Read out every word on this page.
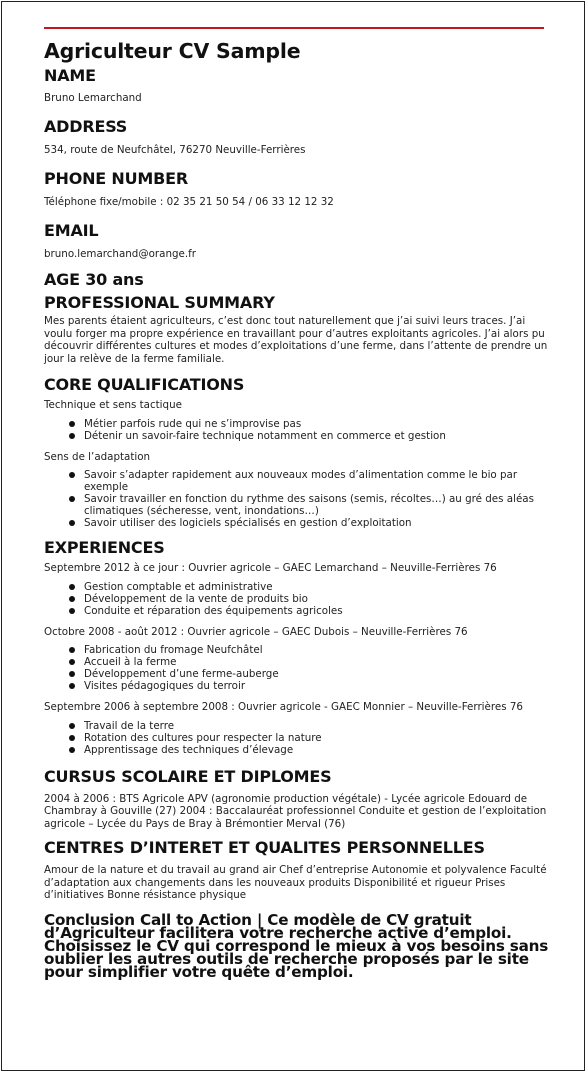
Agriculteur CV Sample
NAME

Bruno Lemarchand

ADDRESS

534, route de Neufchâtel, 76270 Neuville-Ferrières

PHONE NUMBER

Téléphone fixe/mobile : 02 35 21 50 54 / 06 33 12 12 32

EMAIL

bruno.lemarchand@orange.fr

AGE 30 ans
PROFESSIONAL SUMMARY

Mes parents étaient agriculteurs, c’est donc tout naturellement que j’ai suivi leurs traces. J’ai voulu forger ma propre expérience en travaillant pour d’autres exploitants agricoles. J’ai alors pu découvrir différentes cultures et modes d’exploitations d’une ferme, dans l’attente de prendre un jour la relève de la ferme familiale.

CORE QUALIFICATIONS

Technique et sens tactique

Métier parfois rude qui ne s’improvise pas
Détenir un savoir-faire technique notamment en commerce et gestion

Sens de l’adaptation

Savoir s’adapter rapidement aux nouveaux modes d’alimentation comme le bio par exemple
Savoir travailler en fonction du rythme des saisons (semis, récoltes…) au gré des aléas climatiques (sécheresse, vent, inondations…)
Savoir utiliser des logiciels spécialisés en gestion d’exploitation
EXPERIENCES

Septembre 2012 à ce jour : Ouvrier agricole – GAEC Lemarchand – Neuville-Ferrières 76

Gestion comptable et administrative
Développement de la vente de produits bio
Conduite et réparation des équipements agricoles

Octobre 2008 - août 2012 : Ouvrier agricole – GAEC Dubois – Neuville-Ferrières 76

Fabrication du fromage Neufchâtel
Accueil à la ferme
Développement d’une ferme-auberge
Visites pédagogiques du terroir

Septembre 2006 à septembre 2008 : Ouvrier agricole - GAEC Monnier – Neuville-Ferrières 76

Travail de la terre
Rotation des cultures pour respecter la nature
Apprentissage des techniques d’élevage
CURSUS SCOLAIRE ET DIPLOMES

2004 à 2006 : BTS Agricole APV (agronomie production végétale) - Lycée agricole Edouard de Chambray à Gouville (27) 2004 : Baccalauréat professionnel Conduite et gestion de l’exploitation agricole – Lycée du Pays de Bray à Brémontier Merval (76)

CENTRES D’INTERET ET QUALITES PERSONNELLES

Amour de la nature et du travail au grand air Chef d’entreprise Autonomie et polyvalence Faculté d’adaptation aux changements dans les nouveaux produits Disponibilité et rigueur Prises d’initiatives Bonne résistance physique

Conclusion Call to Action | Ce modèle de CV gratuit d’Agriculteur facilitera votre recherche active d’emploi. Choisissez le CV qui correspond le mieux à vos besoins sans oublier les autres outils de recherche proposés par le site pour simplifier votre quête d’emploi.
